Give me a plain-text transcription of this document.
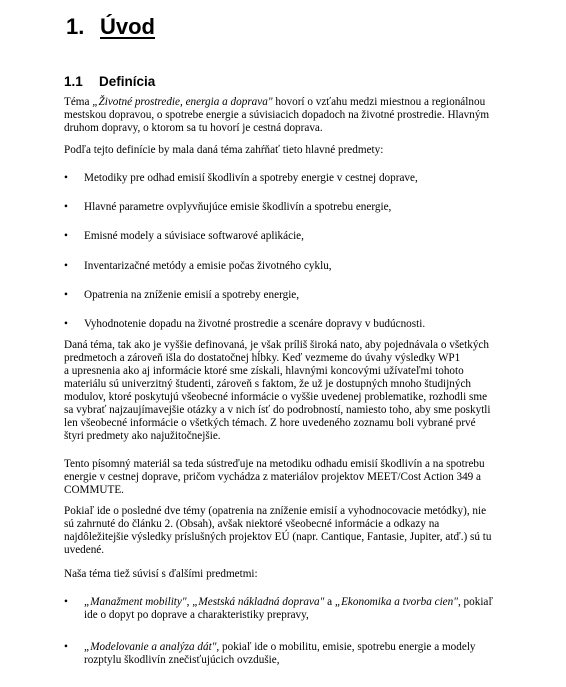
1. Úvod
1.1 Definícia
Téma „Životné prostredie, energia a doprava" hovorí o vzťahu medzi miestnou a regionálnou
mestskou dopravou, o spotrebe energie a súvisiacich dopadoch na životné prostredie. Hlavným
druhom dopravy, o ktorom sa tu hovorí je cestná doprava.
Podľa tejto definície by mala daná téma zahŕňať tieto hlavné predmety:
• Metodiky pre odhad emisií škodlivín a spotreby energie v cestnej doprave,
• Hlavné parametre ovplyvňujúce emisie škodlivín a spotrebu energie,
• Emisné modely a súvisiace softwarové aplikácie,
• Inventarizačné metódy a emisie počas životného cyklu,
• Opatrenia na zníženie emisií a spotreby energie,
• Vyhodnotenie dopadu na životné prostredie a scenáre dopravy v budúcnosti.
Daná téma, tak ako je vyššie definovaná, je však príliš široká nato, aby pojednávala o všetkých
predmetoch a zároveň išla do dostatočnej hĺbky. Keď vezmeme do úvahy výsledky WP1
a upresnenia ako aj informácie ktoré sme získali, hlavnými koncovými užívateľmi tohoto
materiálu sú univerzitný študenti, zároveň s faktom, že už je dostupných mnoho študijných
modulov, ktoré poskytujú všeobecné informácie o vyššie uvedenej problematike, rozhodli sme
sa vybrať najzaujímavejšie otázky a v nich ísť do podrobností, namiesto toho, aby sme poskytli
len všeobecné informácie o všetkých témach. Z hore uvedeného zoznamu boli vybrané prvé
štyri predmety ako najužitočnejšie.
Tento písomný materiál sa teda sústreďuje na metodiku odhadu emisií škodlivín a na spotrebu
energie v cestnej doprave, pričom vychádza z materiálov projektov MEET/Cost Action 349 a
COMMUTE.
Pokiaľ ide o posledné dve témy (opatrenia na zníženie emisií a vyhodnocovacie metódky), nie
sú zahrnuté do článku 2. (Obsah), avšak niektoré všeobecné informácie a odkazy na
najdôležitejšie výsledky príslušných projektov EÚ (napr. Cantique, Fantasie, Jupiter, atď.) sú tu
uvedené.
Naša téma tiež súvisí s ďalšími predmetmi:
• „Manažment mobility", „Mestská nákladná doprava" a „Ekonomika a tvorba cien", pokiaľ
ide o dopyt po doprave a charakteristiky prepravy,
• „Modelovanie a analýza dát", pokiaľ ide o mobilitu, emisie, spotrebu energie a modely
rozptylu škodlivín znečisťujúcich ovzdušie,
